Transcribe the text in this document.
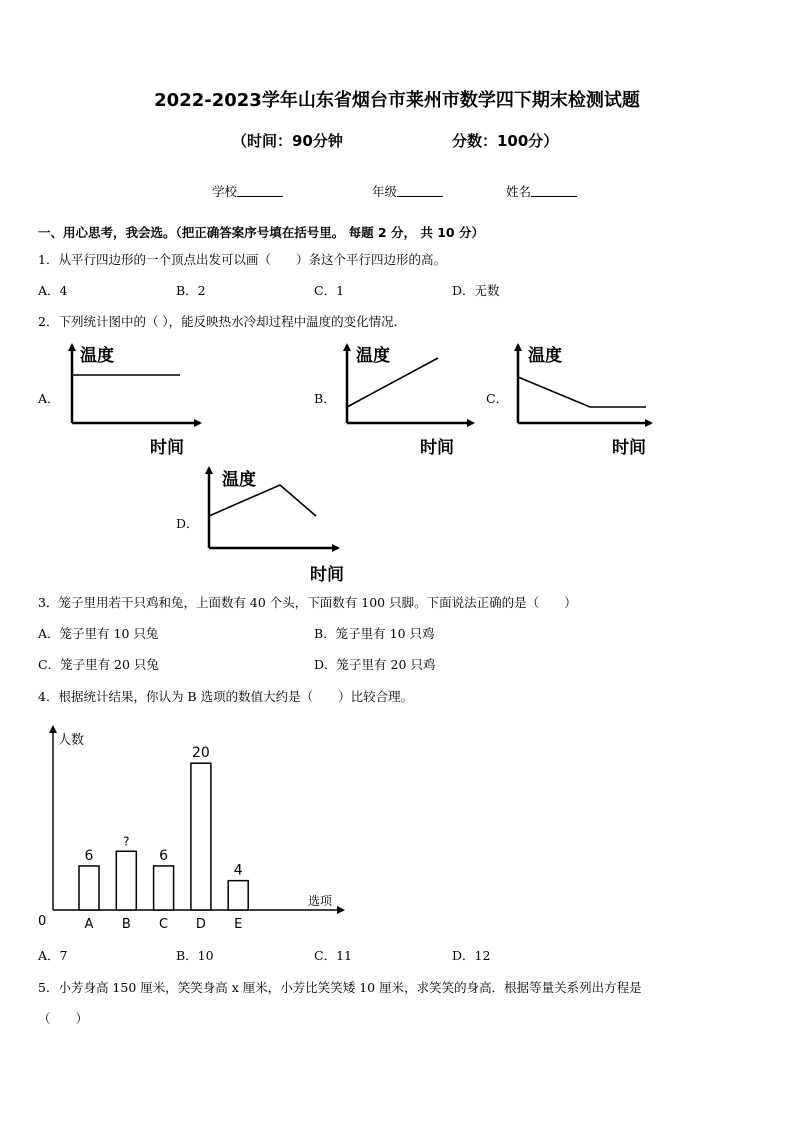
2022-2023学年山东省烟台市莱州市数学四下期末检测试题
（时间：90分钟	分数：100分）
学校	年级	姓名
一、用心思考，我会选。（把正确答案序号填在括号里。 每题 2 分， 共 10 分）
1．从平行四边形的一个顶点出发可以画（　　）条这个平行四边形的高。
A．4	B．2	C．1	D．无数
2．下列统计图中的（ ），能反映热水冷却过程中温度的变化情况．
A．	B．	C．
D．
温度
时间
温度
时间
温度
时间
温度
时间
3．笼子里用若干只鸡和兔，上面数有 40 个头，下面数有 100 只脚。下面说法正确的是（　　）
A．笼子里有 10 只兔	B．笼子里有 10 只鸡
C．笼子里有 20 只兔	D．笼子里有 20 只鸡
4．根据统计结果，你认为 B 选项的数值大约是（　　）比较合理。
人数
选项
0
6
A
?
B
6
C
20
D
4
E
A．7	B．10	C．11	D．12
5．小芳身高 150 厘米，笑笑身高 x 厘米，小芳比笑笑矮 10 厘米，求笑笑的身高．根据等量关系列出方程是
（　　）
